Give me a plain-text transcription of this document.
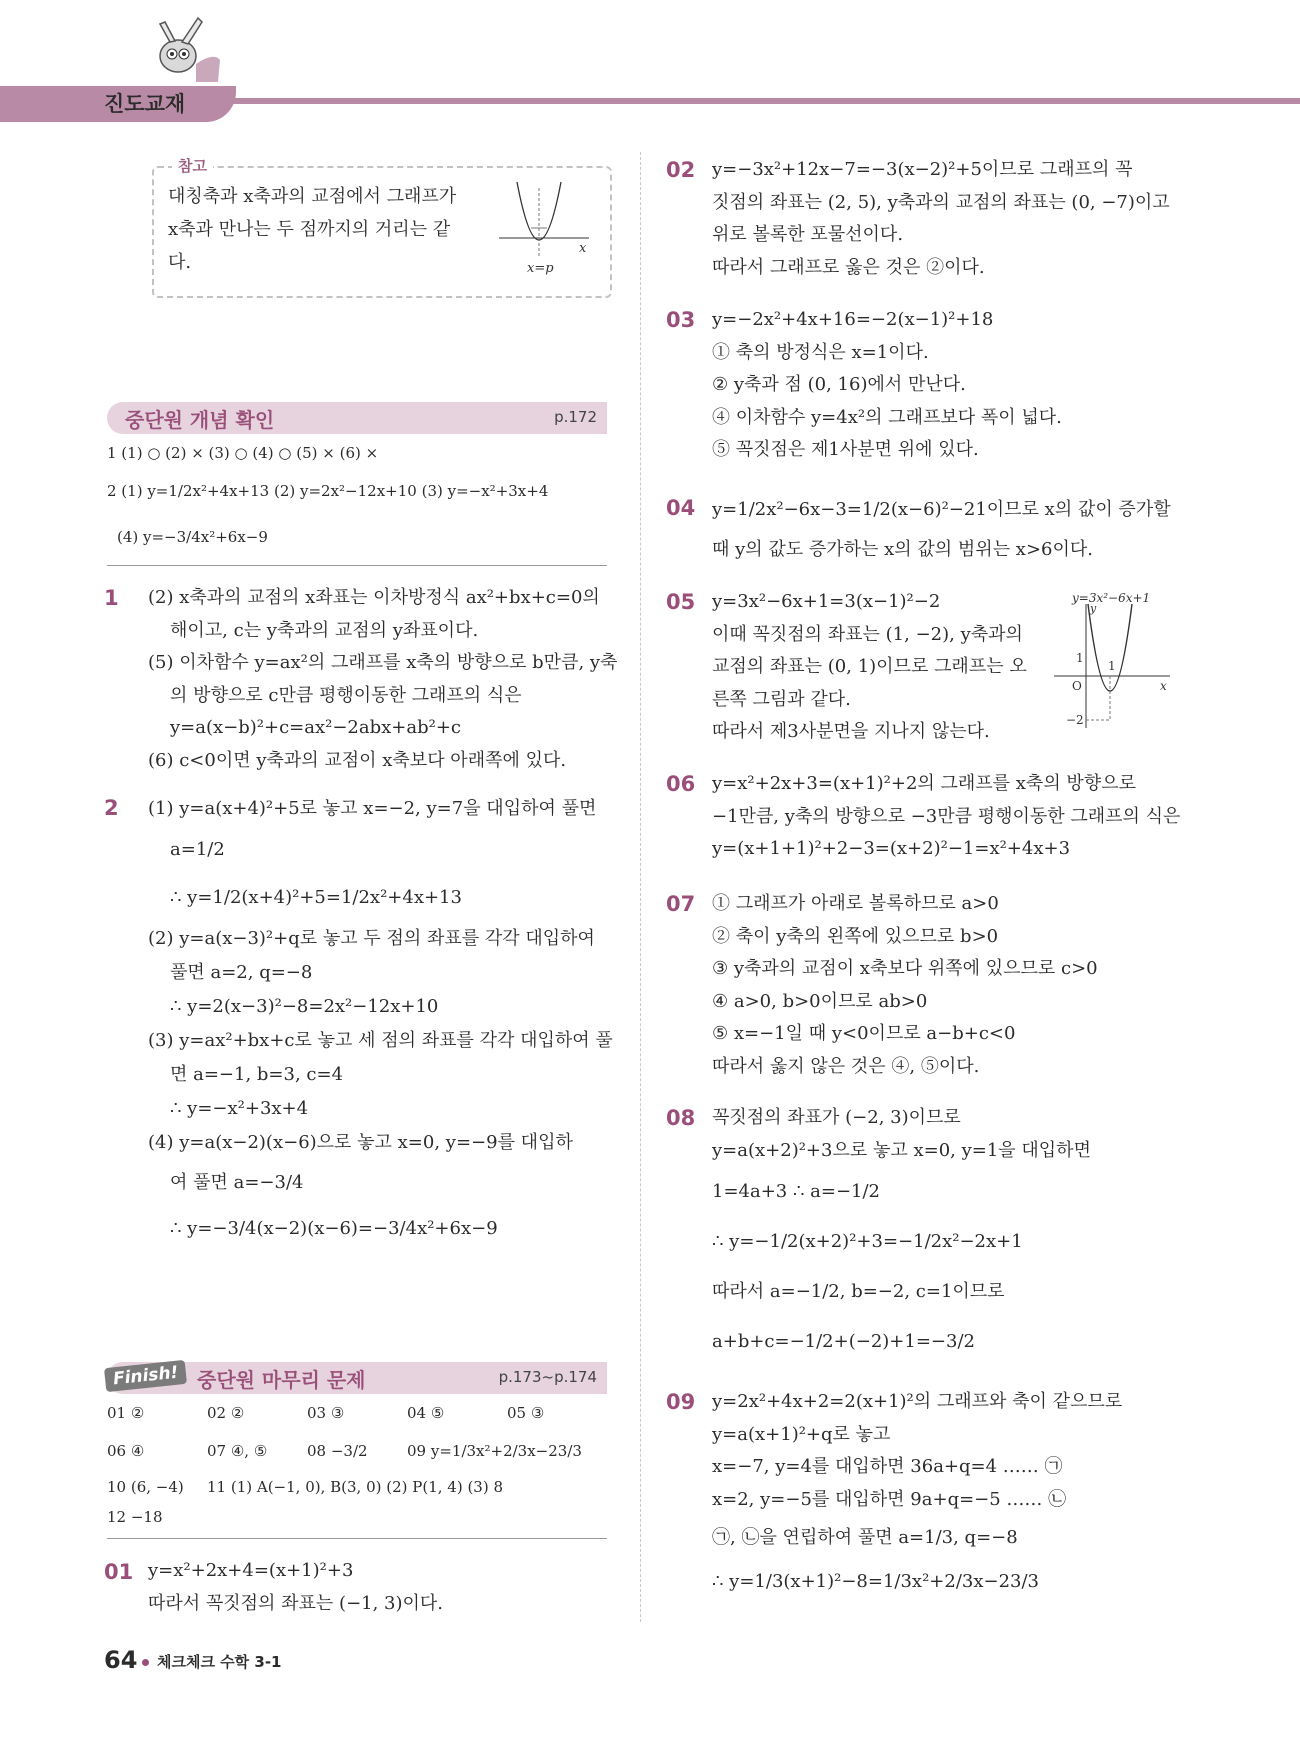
진도교재
참고
대칭축과 x축과의 교점에서 그래프가
x축과 만나는 두 점까지의 거리는 같다.
x
x=p
중단원 개념 확인	p.172
1 (1) ○ (2) × (3) ○ (4) ○ (5) × (6) ×
2 (1) y=1/2x²+4x+13 (2) y=2x²−12x+10 (3) y=−x²+3x+4
(4) y=−3/4x²+6x−9
1 (2) x축과의 교점의 x좌표는 이차방정식 ax²+bx+c=0의
해이고, c는 y축과의 교점의 y좌표이다.
(5) 이차함수 y=ax²의 그래프를 x축의 방향으로 b만큼, y축
의 방향으로 c만큼 평행이동한 그래프의 식은
y=a(x−b)²+c=ax²−2abx+ab²+c
(6) c<0이면 y축과의 교점이 x축보다 아래쪽에 있다.
2 (1) y=a(x+4)²+5로 놓고 x=−2, y=7을 대입하여 풀면
a=1/2
∴ y=1/2(x+4)²+5=1/2x²+4x+13
(2) y=a(x−3)²+q로 놓고 두 점의 좌표를 각각 대입하여
풀면 a=2, q=−8
∴ y=2(x−3)²−8=2x²−12x+10
(3) y=ax²+bx+c로 놓고 세 점의 좌표를 각각 대입하여 풀
면 a=−1, b=3, c=4
∴ y=−x²+3x+4
(4) y=a(x−2)(x−6)으로 놓고 x=0, y=−9를 대입하
여 풀면 a=−3/4
∴ y=−3/4(x−2)(x−6)=−3/4x²+6x−9
Finish! 중단원 마무리 문제	p.173~p.174
01 ②	02 ②	03 ③	04 ⑤	05 ③
06 ④	07 ④, ⑤	08 −3/2	09 y=1/3x²+2/3x−23/3
10 (6, −4) 11 (1) A(−1, 0), B(3, 0) (2) P(1, 4) (3) 8
12 −18
01 y=x²+2x+4=(x+1)²+3
따라서 꼭짓점의 좌표는 (−1, 3)이다.
02 y=−3x²+12x−7=−3(x−2)²+5이므로 그래프의 꼭
짓점의 좌표는 (2, 5), y축과의 교점의 좌표는 (0, −7)이고
위로 볼록한 포물선이다.
따라서 그래프로 옳은 것은 ②이다.
03 y=−2x²+4x+16=−2(x−1)²+18
① 축의 방정식은 x=1이다.
② y축과 점 (0, 16)에서 만난다.
④ 이차함수 y=4x²의 그래프보다 폭이 넓다.
⑤ 꼭짓점은 제1사분면 위에 있다.
04 y=1/2x²−6x−3=1/2(x−6)²−21이므로 x의 값이 증가할
때 y의 값도 증가하는 x의 값의 범위는 x>6이다.
05 y=3x²−6x+1=3(x−1)²−2
이때 꼭짓점의 좌표는 (1, −2), y축과의
교점의 좌표는 (0, 1)이므로 그래프는 오
른쪽 그림과 같다.
따라서 제3사분면을 지나지 않는다.
y=3x²−6x+1
y
x
O
1
1
−2
06 y=x²+2x+3=(x+1)²+2의 그래프를 x축의 방향으로
−1만큼, y축의 방향으로 −3만큼 평행이동한 그래프의 식은
y=(x+1+1)²+2−3=(x+2)²−1=x²+4x+3
07 ① 그래프가 아래로 볼록하므로 a>0
② 축이 y축의 왼쪽에 있으므로 b>0
③ y축과의 교점이 x축보다 위쪽에 있으므로 c>0
④ a>0, b>0이므로 ab>0
⑤ x=−1일 때 y<0이므로 a−b+c<0
따라서 옳지 않은 것은 ④, ⑤이다.
08 꼭짓점의 좌표가 (−2, 3)이므로
y=a(x+2)²+3으로 놓고 x=0, y=1을 대입하면
1=4a+3 ∴ a=−1/2
∴ y=−1/2(x+2)²+3=−1/2x²−2x+1
따라서 a=−1/2, b=−2, c=1이므로
a+b+c=−1/2+(−2)+1=−3/2
09 y=2x²+4x+2=2(x+1)²의 그래프와 축이 같으므로
y=a(x+1)²+q로 놓고
x=−7, y=4를 대입하면 36a+q=4 …… ㉠
x=2, y=−5를 대입하면 9a+q=−5 …… ㉡
㉠, ㉡을 연립하여 풀면 a=1/3, q=−8
∴ y=1/3(x+1)²−8=1/3x²+2/3x−23/3
64 체크체크 수학 3-1
